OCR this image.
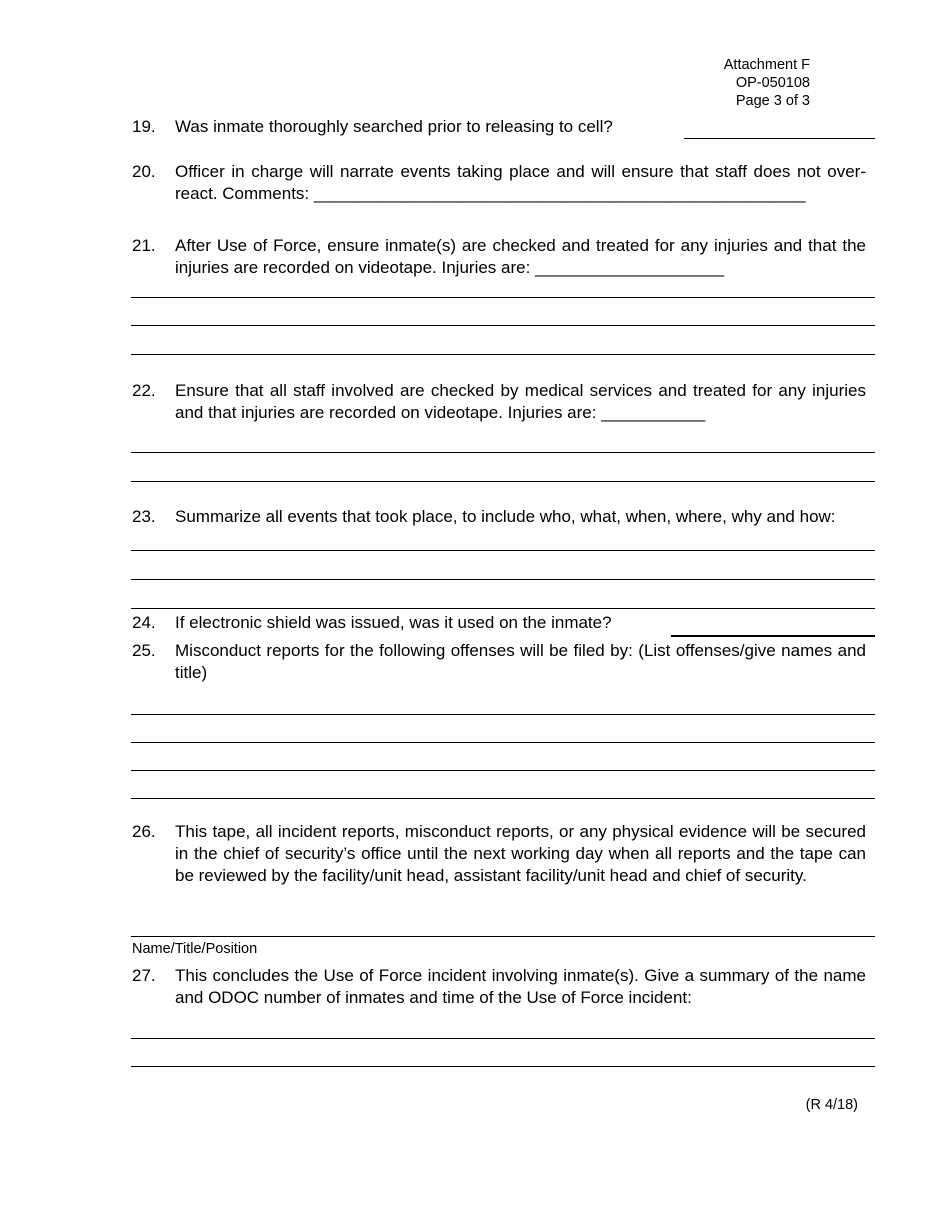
Attachment F
OP-050108
Page 3 of 3
19. Was inmate thoroughly searched prior to releasing to cell?
20. Officer in charge will narrate events taking place and will ensure that staff does not over-react. Comments: ____________________________________________________
21. After Use of Force, ensure inmate(s) are checked and treated for any injuries and that the injuries are recorded on videotape. Injuries are: ____________________
22. Ensure that all staff involved are checked by medical services and treated for any injuries and that injuries are recorded on videotape. Injuries are: ___________
23. Summarize all events that took place, to include who, what, when, where, why and how:
24. If electronic shield was issued, was it used on the inmate?
25. Misconduct reports for the following offenses will be filed by: (List offenses/give names and title)
26. This tape, all incident reports, misconduct reports, or any physical evidence will be secured in the chief of security’s office until the next working day when all reports and the tape can be reviewed by the facility/unit head, assistant facility/unit head and chief of security.
Name/Title/Position
27. This concludes the Use of Force incident involving inmate(s). Give a summary of the name and ODOC number of inmates and time of the Use of Force incident:
(R 4/18)
